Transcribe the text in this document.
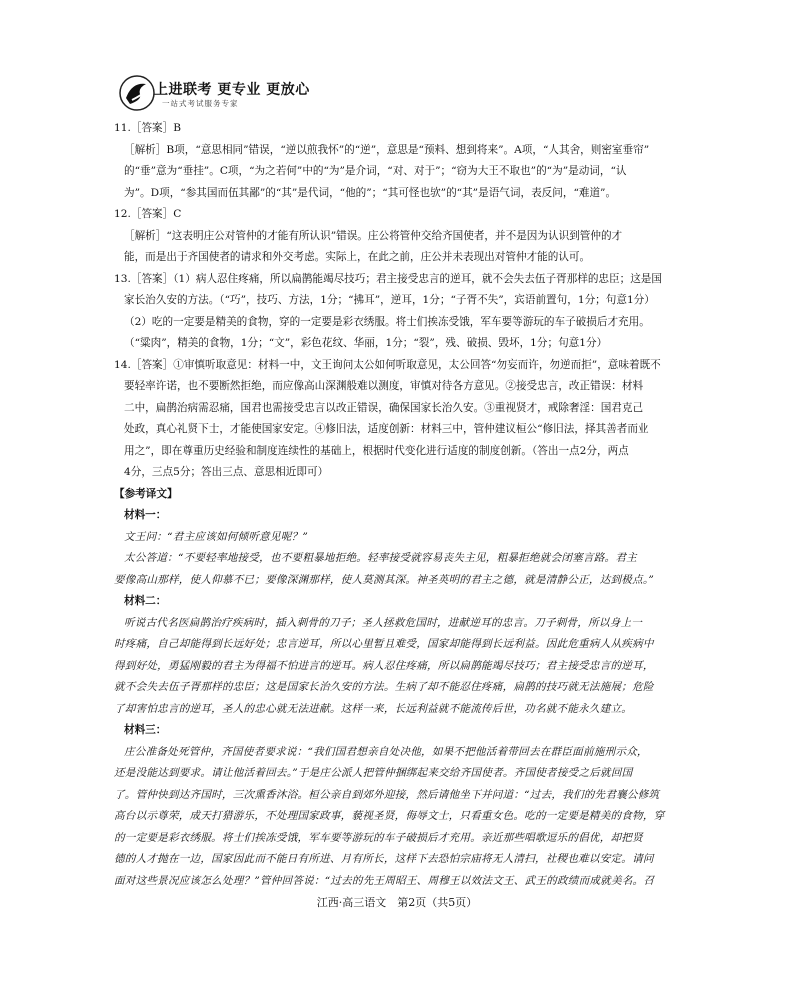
上进联考 更专业 更放心
一站式考试服务专家

11.［答案］B

［解析］B项，“意思相同”错误，“逆以煎我怀”的“逆”，意思是“预料、想到将来”。A项，“人其舍，则密室垂帘”

的“垂”意为“垂挂”。C项，“为之若何”中的“为”是介词，“对、对于”；“窃为大王不取也”的“为”是动词，“认

为”。D项，“参其国而伍其鄙”的“其”是代词，“他的”；“其可怪也欤”的“其”是语气词，表反问，“难道”。

12.［答案］C

［解析］“这表明庄公对管仲的才能有所认识”错误。庄公将管仲交给齐国使者，并不是因为认识到管仲的才

能，而是出于齐国使者的请求和外交考虑。实际上，在此之前，庄公并未表现出对管仲才能的认可。

13.［答案］（1）病人忍住疼痛，所以扁鹊能竭尽技巧；君主接受忠言的逆耳，就不会失去伍子胥那样的忠臣；这是国

家长治久安的方法。（“巧”，技巧、方法，1分；“拂耳”，逆耳，1分；“子胥不失”，宾语前置句，1分；句意1分）

（2）吃的一定要是精美的食物，穿的一定要是彩衣绣服。将士们挨冻受饿，军车要等游玩的车子破损后才充用。

（“粱肉”，精美的食物，1分；“文”，彩色花纹、华丽，1分；“裂”，残、破损、毁坏，1分；句意1分）

14.［答案］①审慎听取意见：材料一中，文王询问太公如何听取意见，太公回答“勿妄而许，勿逆而拒”，意味着既不

要轻率许诺，也不要断然拒绝，而应像高山深渊般难以测度，审慎对待各方意见。②接受忠言，改正错误：材料

二中，扁鹊治病需忍痛，国君也需接受忠言以改正错误，确保国家长治久安。③重视贤才，戒除奢淫：国君克己

处政，真心礼贤下士，才能使国家安定。④修旧法，适度创新：材料三中，管仲建议桓公“修旧法，择其善者而业

用之”，即在尊重历史经验和制度连续性的基础上，根据时代变化进行适度的制度创新。（答出一点2分，两点

4分，三点5分；答出三点、意思相近即可）

【参考译文】

材料一：

文王问：“君主应该如何倾听意见呢？”

太公答道：“不要轻率地接受，也不要粗暴地拒绝。轻率接受就容易丧失主见，粗暴拒绝就会闭塞言路。君主

要像高山那样，使人仰慕不已；要像深渊那样，使人莫测其深。神圣英明的君主之德，就是清静公正，达到极点。”

材料二：

听说古代名医扁鹊治疗疾病时，插入刺骨的刀子；圣人拯救危国时，进献逆耳的忠言。刀子刺骨，所以身上一

时疼痛，自己却能得到长远好处；忠言逆耳，所以心里暂且难受，国家却能得到长远利益。因此危重病人从疾病中

得到好处，勇猛刚毅的君主为得福不怕进言的逆耳。病人忍住疼痛，所以扁鹊能竭尽技巧；君主接受忠言的逆耳，

就不会失去伍子胥那样的忠臣；这是国家长治久安的方法。生病了却不能忍住疼痛，扁鹊的技巧就无法施展；危险

了却害怕忠言的逆耳，圣人的忠心就无法进献。这样一来，长远利益就不能流传后世，功名就不能永久建立。

材料三：

庄公准备处死管仲，齐国使者要求说：“我们国君想亲自处决他，如果不把他活着带回去在群臣面前施刑示众，

还是没能达到要求。请让他活着回去。”于是庄公派人把管仲捆绑起来交给齐国使者。齐国使者接受之后就回国

了。管仲快到达齐国时，三次熏香沐浴。桓公亲自到郊外迎接，然后请他坐下并问道：“过去，我们的先君襄公修筑

高台以示尊荣，成天打猎游乐，不处理国家政事，藐视圣贤，侮辱文士，只看重女色。吃的一定要是精美的食物，穿

的一定要是彩衣绣服。将士们挨冻受饿，军车要等游玩的车子破损后才充用。亲近那些唱歌逗乐的倡优，却把贤

德的人才抛在一边，国家因此而不能日有所进、月有所长，这样下去恐怕宗庙将无人清扫，社稷也难以安定。请问

面对这些景况应该怎么处理？”管仲回答说：“过去的先王周昭王、周穆王以效法文王、武王的政绩而成就美名。召

江西·高三语文　第2页（共5页）
